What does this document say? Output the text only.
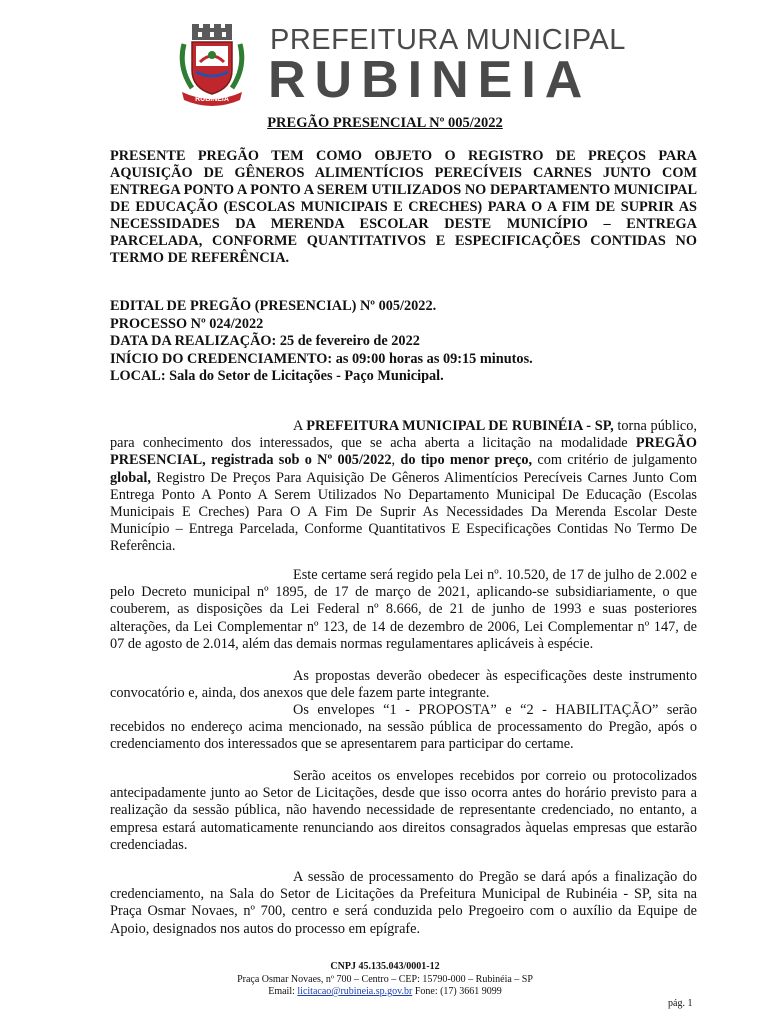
RUBINÉIA
PREFEITURA MUNICIPAL
RUBINEIA
PREGÃO PRESENCIAL Nº 005/2022
PRESENTE PREGÃO TEM COMO OBJETO O REGISTRO DE PREÇOS PARA AQUISIÇÃO DE GÊNEROS ALIMENTÍCIOS PERECÍVEIS CARNES JUNTO COM ENTREGA PONTO A PONTO A SEREM UTILIZADOS NO DEPARTAMENTO MUNICIPAL DE EDUCAÇÃO (ESCOLAS MUNICIPAIS E CRECHES) PARA O A FIM DE SUPRIR AS NECESSIDADES DA MERENDA ESCOLAR DESTE MUNICÍPIO – ENTREGA PARCELADA, CONFORME QUANTITATIVOS E ESPECIFICAÇÕES CONTIDAS NO TERMO DE REFERÊNCIA.
EDITAL DE PREGÃO (PRESENCIAL) Nº 005/2022.
PROCESSO Nº 024/2022
DATA DA REALIZAÇÃO: 25 de fevereiro de 2022
INÍCIO DO CREDENCIAMENTO: as 09:00 horas as 09:15 minutos.
LOCAL: Sala do Setor de Licitações - Paço Municipal.
A PREFEITURA MUNICIPAL DE RUBINÉIA - SP, torna público, para conhecimento dos interessados, que se acha aberta a licitação na modalidade PREGÃO PRESENCIAL, registrada sob o Nº 005/2022, do tipo menor preço, com critério de julgamento global, Registro De Preços Para Aquisição De Gêneros Alimentícios Perecíveis Carnes Junto Com Entrega Ponto A Ponto A Serem Utilizados No Departamento Municipal De Educação (Escolas Municipais E Creches) Para O A Fim De Suprir As Necessidades Da Merenda Escolar Deste Município – Entrega Parcelada, Conforme Quantitativos E Especificações Contidas No Termo De Referência.
Este certame será regido pela Lei nº. 10.520, de 17 de julho de 2.002 e pelo Decreto municipal nº 1895, de 17 de março de 2021, aplicando-se subsidiariamente, o que couberem, as disposições da Lei Federal nº 8.666, de 21 de junho de 1993 e suas posteriores alterações, da Lei Complementar nº 123, de 14 de dezembro de 2006, Lei Complementar nº 147, de 07 de agosto de 2.014, além das demais normas regulamentares aplicáveis à espécie.
As propostas deverão obedecer às especificações deste instrumento convocatório e, ainda, dos anexos que dele fazem parte integrante.
Os envelopes “1 - PROPOSTA” e “2 - HABILITAÇÃO” serão recebidos no endereço acima mencionado, na sessão pública de processamento do Pregão, após o credenciamento dos interessados que se apresentarem para participar do certame.
Serão aceitos os envelopes recebidos por correio ou protocolizados antecipadamente junto ao Setor de Licitações, desde que isso ocorra antes do horário previsto para a realização da sessão pública, não havendo necessidade de representante credenciado, no entanto, a empresa estará automaticamente renunciando aos direitos consagrados àquelas empresas que estarão credenciadas.
A sessão de processamento do Pregão se dará após a finalização do credenciamento, na Sala do Setor de Licitações da Prefeitura Municipal de Rubinéia - SP, sita na Praça Osmar Novaes, nº 700, centro e será conduzida pelo Pregoeiro com o auxílio da Equipe de Apoio, designados nos autos do processo em epígrafe.
CNPJ 45.135.043/0001-12
Praça Osmar Novaes, nº 700 – Centro – CEP: 15790-000 – Rubinéia – SP
Email: licitacao@rubineia.sp.gov.br Fone: (17) 3661 9099
pág. 1
